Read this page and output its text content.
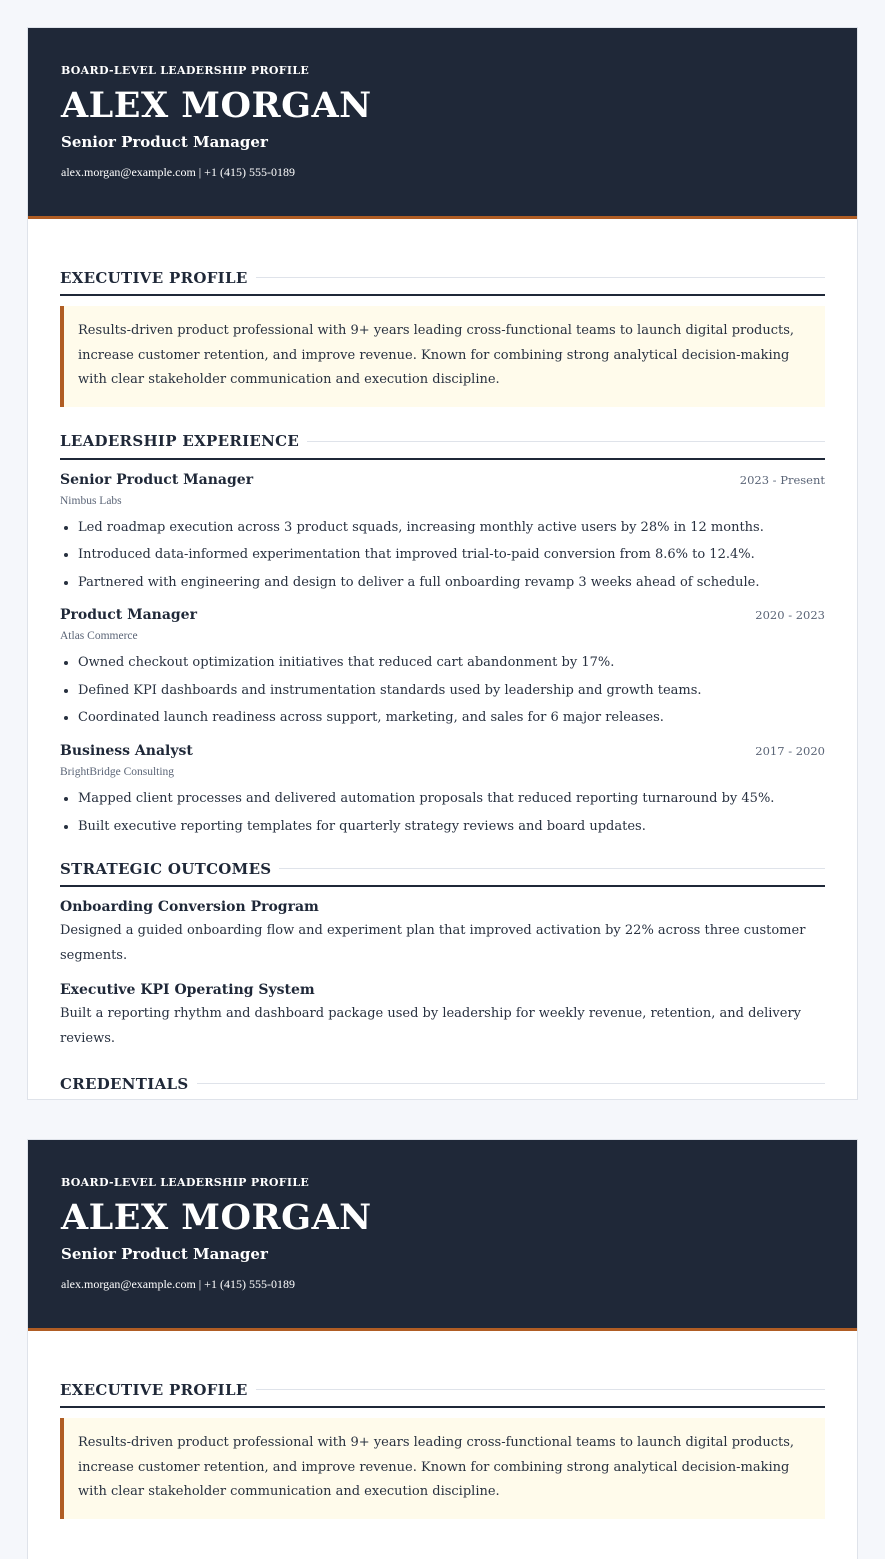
BOARD-LEVEL LEADERSHIP PROFILE

ALEX MORGAN

Senior Product Manager

alex.morgan@example.com | +1 (415) 555-0189

EXECUTIVE PROFILE
Results-driven product professional with 9+ years leading cross-functional teams to launch digital products, increase customer retention, and improve revenue. Known for combining strong analytical decision-making with clear stakeholder communication and execution discipline.
LEADERSHIP EXPERIENCE
Senior Product Manager	2023 - Present
Nimbus Labs
• Led roadmap execution across 3 product squads, increasing monthly active users by 28% in 12 months.
• Introduced data-informed experimentation that improved trial-to-paid conversion from 8.6% to 12.4%.
• Partnered with engineering and design to deliver a full onboarding revamp 3 weeks ahead of schedule.
Product Manager	2020 - 2023
Atlas Commerce
• Owned checkout optimization initiatives that reduced cart abandonment by 17%.
• Defined KPI dashboards and instrumentation standards used by leadership and growth teams.
• Coordinated launch readiness across support, marketing, and sales for 6 major releases.
Business Analyst	2017 - 2020
BrightBridge Consulting
• Mapped client processes and delivered automation proposals that reduced reporting turnaround by 45%.
• Built executive reporting templates for quarterly strategy reviews and board updates.
STRATEGIC OUTCOMES
Onboarding Conversion Program
Designed a guided onboarding flow and experiment plan that improved activation by 22% across three customer segments.
Executive KPI Operating System
Built a reporting rhythm and dashboard package used by leadership for weekly revenue, retention, and delivery reviews.
CREDENTIALS

BOARD-LEVEL LEADERSHIP PROFILE

ALEX MORGAN

Senior Product Manager

alex.morgan@example.com | +1 (415) 555-0189

EXECUTIVE PROFILE
Results-driven product professional with 9+ years leading cross-functional teams to launch digital products, increase customer retention, and improve revenue. Known for combining strong analytical decision-making with clear stakeholder communication and execution discipline.
